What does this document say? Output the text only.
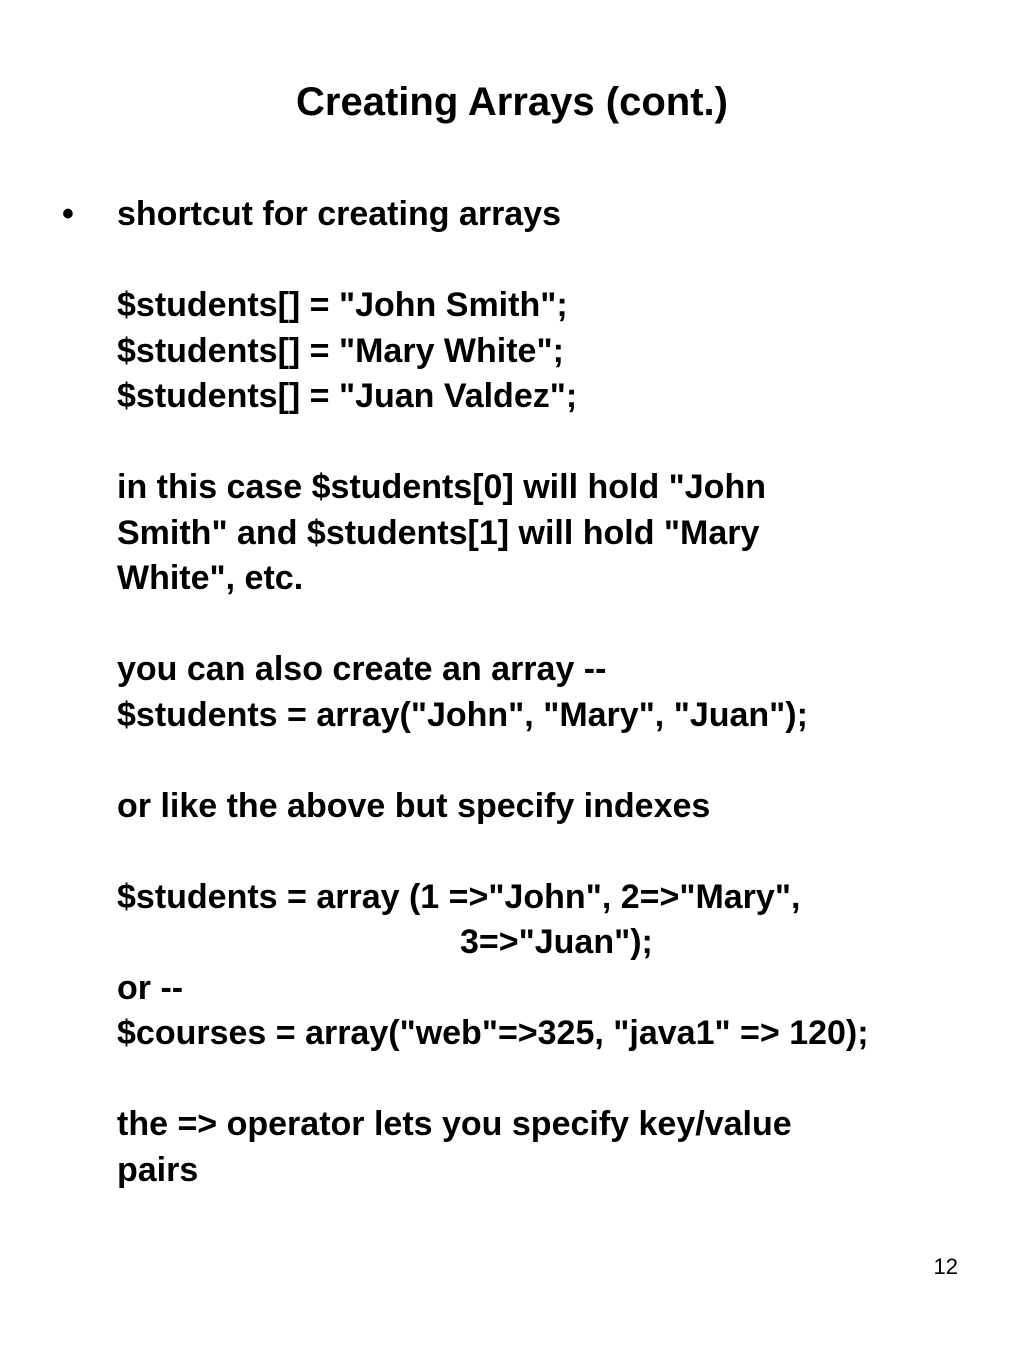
Creating Arrays (cont.)
• shortcut for creating arrays
$students[] = "John Smith";
$students[] = "Mary White";
$students[] = "Juan Valdez";
in this case $students[0] will hold "John
Smith" and $students[1] will hold "Mary
White", etc.
you can also create an array --
$students = array("John", "Mary", "Juan");
or like the above but specify indexes
$students = array (1 =>"John", 2=>"Mary",
3=>"Juan");
or --
$courses = array("web"=>325, "java1" => 120);
the => operator lets you specify key/value
pairs
12
